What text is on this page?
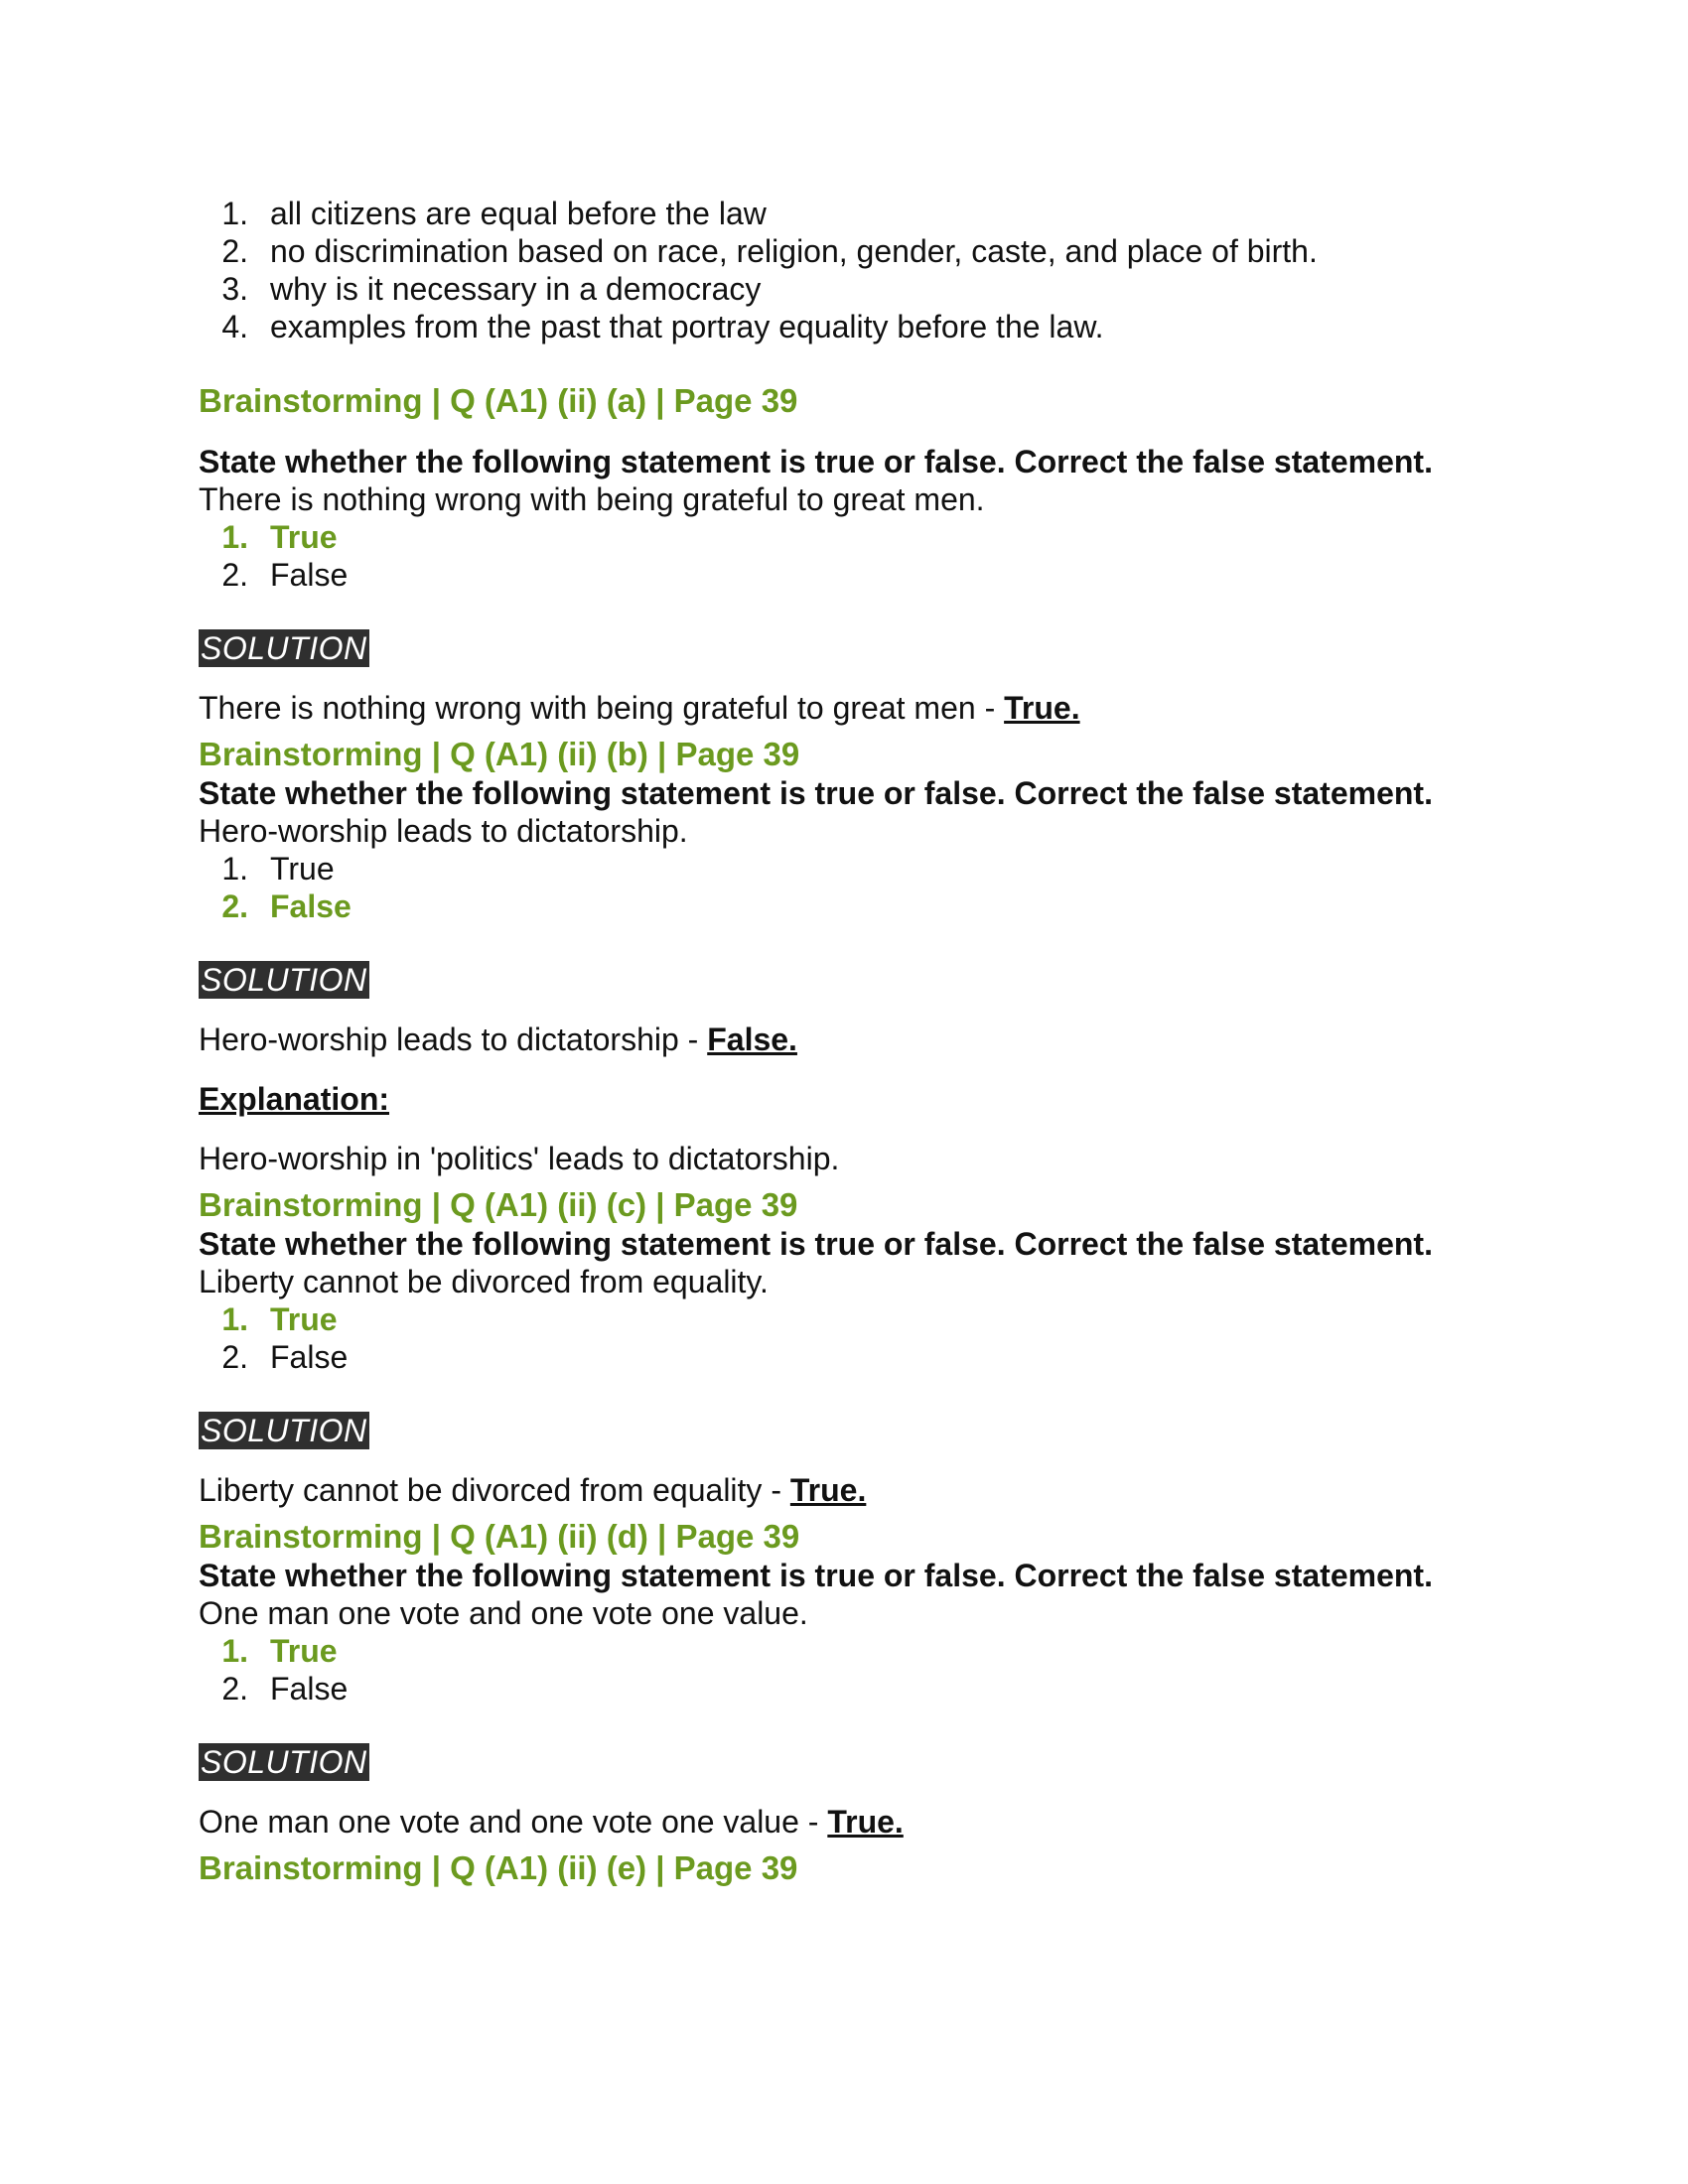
1. all citizens are equal before the law
2. no discrimination based on race, religion, gender, caste, and place of birth.
3. why is it necessary in a democracy
4. examples from the past that portray equality before the law.
Brainstorming | Q (A1) (ii) (a) | Page 39
State whether the following statement is true or false. Correct the false statement.
There is nothing wrong with being grateful to great men.
1. True
2. False
SOLUTION
There is nothing wrong with being grateful to great men - True.
Brainstorming | Q (A1) (ii) (b) | Page 39
State whether the following statement is true or false. Correct the false statement.
Hero-worship leads to dictatorship.
1. True
2. False
SOLUTION
Hero-worship leads to dictatorship - False.
Explanation:
Hero-worship in 'politics' leads to dictatorship.
Brainstorming | Q (A1) (ii) (c) | Page 39
State whether the following statement is true or false. Correct the false statement.
Liberty cannot be divorced from equality.
1. True
2. False
SOLUTION
Liberty cannot be divorced from equality - True.
Brainstorming | Q (A1) (ii) (d) | Page 39
State whether the following statement is true or false. Correct the false statement.
One man one vote and one vote one value.
1. True
2. False
SOLUTION
One man one vote and one vote one value - True.
Brainstorming | Q (A1) (ii) (e) | Page 39
